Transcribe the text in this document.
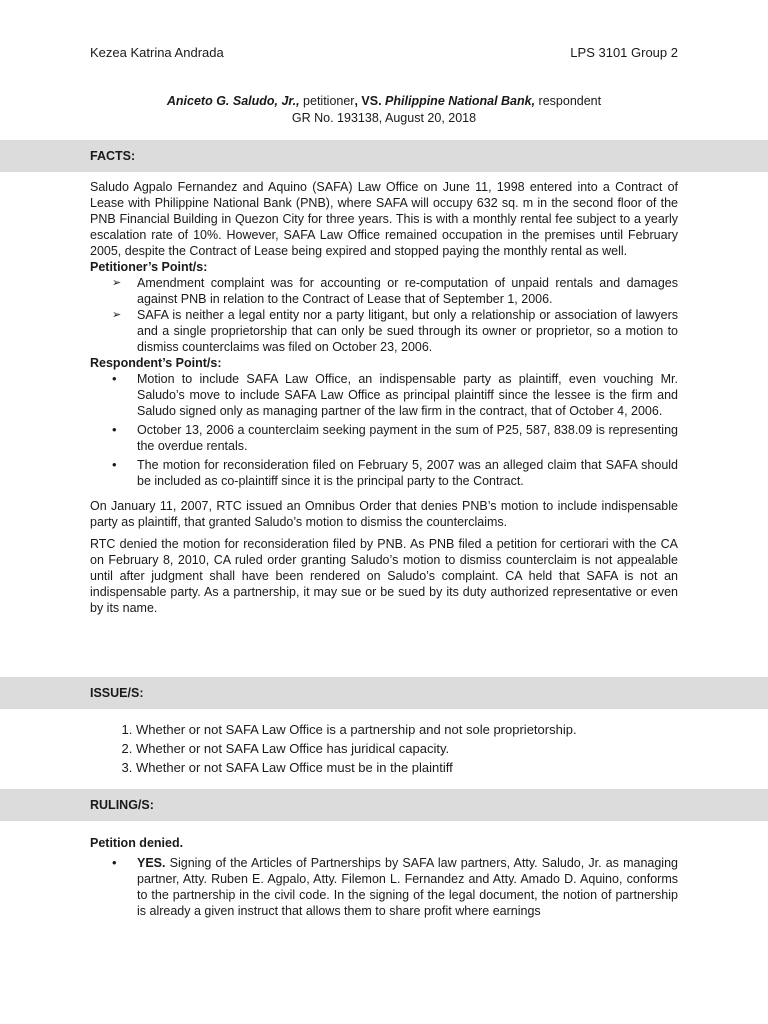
Kezea Katrina Andrada	LPS 3101 Group 2
Aniceto G. Saludo, Jr., petitioner, VS. Philippine National Bank, respondent
GR No. 193138, August 20, 2018
FACTS:

Saludo Agpalo Fernandez and Aquino (SAFA) Law Office on June 11, 1998 entered into a Contract of Lease with Philippine National Bank (PNB), where SAFA will occupy 632 sq. m in the second floor of the PNB Financial Building in Quezon City for three years. This is with a monthly rental fee subject to a yearly escalation rate of 10%. However, SAFA Law Office remained occupation in the premises until February 2005, despite the Contract of Lease being expired and stopped paying the monthly rental as well.

Petitioner’s Point/s:

➢ Amendment complaint was for accounting or re-computation of unpaid rentals and damages against PNB in relation to the Contract of Lease that of September 1, 2006.
➢ SAFA is neither a legal entity nor a party litigant, but only a relationship or association of lawyers and a single proprietorship that can only be sued through its owner or proprietor, so a motion to dismiss counterclaims was filed on October 23, 2006.

Respondent’s Point/s:

• Motion to include SAFA Law Office, an indispensable party as plaintiff, even vouching Mr. Saludo’s move to include SAFA Law Office as principal plaintiff since the lessee is the firm and Saludo signed only as managing partner of the law firm in the contract, that of October 4, 2006.
• October 13, 2006 a counterclaim seeking payment in the sum of P25, 587, 838.09 is representing the overdue rentals.
• The motion for reconsideration filed on February 5, 2007 was an alleged claim that SAFA should be included as co-plaintiff since it is the principal party to the Contract.

On January 11, 2007, RTC issued an Omnibus Order that denies PNB’s motion to include indispensable party as plaintiff, that granted Saludo’s motion to dismiss the counterclaims.

RTC denied the motion for reconsideration filed by PNB. As PNB filed a petition for certiorari with the CA on February 8, 2010, CA ruled order granting Saludo’s motion to dismiss counterclaim is not appealable until after judgment shall have been rendered on Saludo’s complaint. CA held that SAFA is not an indispensable party. As a partnership, it may sue or be sued by its duty authorized representative or even by its name.

ISSUE/S:
1. Whether or not SAFA Law Office is a partnership and not sole proprietorship.
2. Whether or not SAFA Law Office has juridical capacity.
3. Whether or not SAFA Law Office must be in the plaintiff
RULING/S:

Petition denied.

• YES. Signing of the Articles of Partnerships by SAFA law partners, Atty. Saludo, Jr. as managing partner, Atty. Ruben E. Agpalo, Atty. Filemon L. Fernandez and Atty. Amado D. Aquino, conforms to the partnership in the civil code. In the signing of the legal document, the notion of partnership is already a given instruct that allows them to share profit where earnings
